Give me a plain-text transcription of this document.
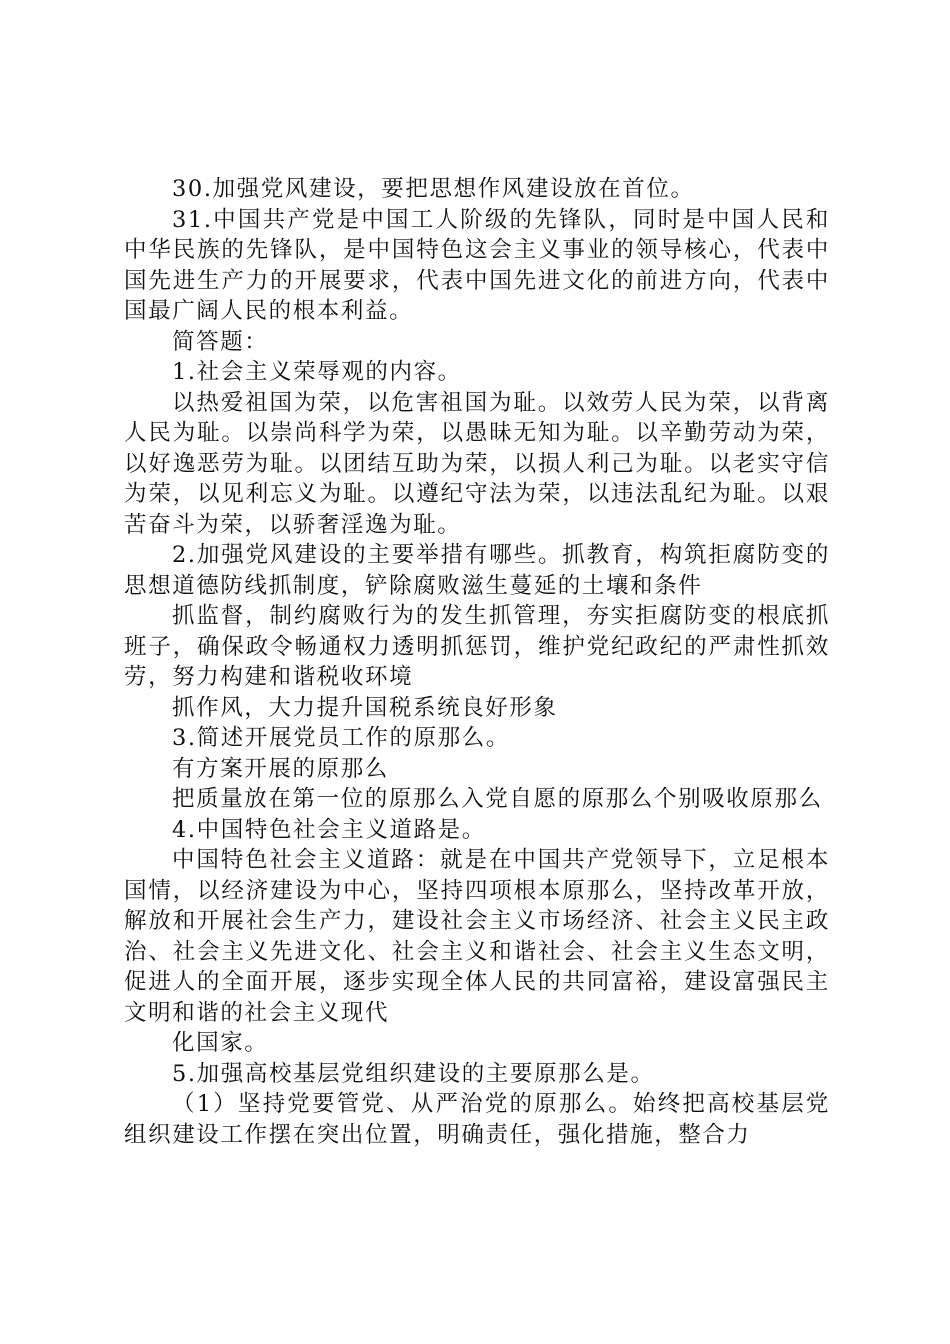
30.加强党风建设，要把思想作风建设放在首位。

31.中国共产党是中国工人阶级的先锋队，同时是中国人民和中华民族的先锋队，是中国特色这会主义事业的领导核心，代表中国先进生产力的开展要求，代表中国先进文化的前进方向，代表中国最广阔人民的根本利益。

简答题：

1.社会主义荣辱观的内容。

以热爱祖国为荣，以危害祖国为耻。以效劳人民为荣，以背离人民为耻。以崇尚科学为荣，以愚昧无知为耻。以辛勤劳动为荣，以好逸恶劳为耻。以团结互助为荣，以损人利己为耻。以老实守信为荣，以见利忘义为耻。以遵纪守法为荣，以违法乱纪为耻。以艰苦奋斗为荣，以骄奢淫逸为耻。

2.加强党风建设的主要举措有哪些。抓教育，构筑拒腐防变的思想道德防线抓制度，铲除腐败滋生蔓延的土壤和条件

抓监督，制约腐败行为的发生抓管理，夯实拒腐防变的根底抓班子，确保政令畅通权力透明抓惩罚，维护党纪政纪的严肃性抓效劳，努力构建和谐税收环境

抓作风，大力提升国税系统良好形象

3.简述开展党员工作的原那么。

有方案开展的原那么

把质量放在第一位的原那么入党自愿的原那么个别吸收原那么

4.中国特色社会主义道路是。

中国特色社会主义道路：就是在中国共产党领导下，立足根本国情，以经济建设为中心，坚持四项根本原那么，坚持改革开放，解放和开展社会生产力，建设社会主义市场经济、社会主义民主政治、社会主义先进文化、社会主义和谐社会、社会主义生态文明，促进人的全面开展，逐步实现全体人民的共同富裕，建设富强民主文明和谐的社会主义现代

化国家。

5.加强高校基层党组织建设的主要原那么是。

（1）坚持党要管党、从严治党的原那么。始终把高校基层党组织建设工作摆在突出位置，明确责任，强化措施，整合力
